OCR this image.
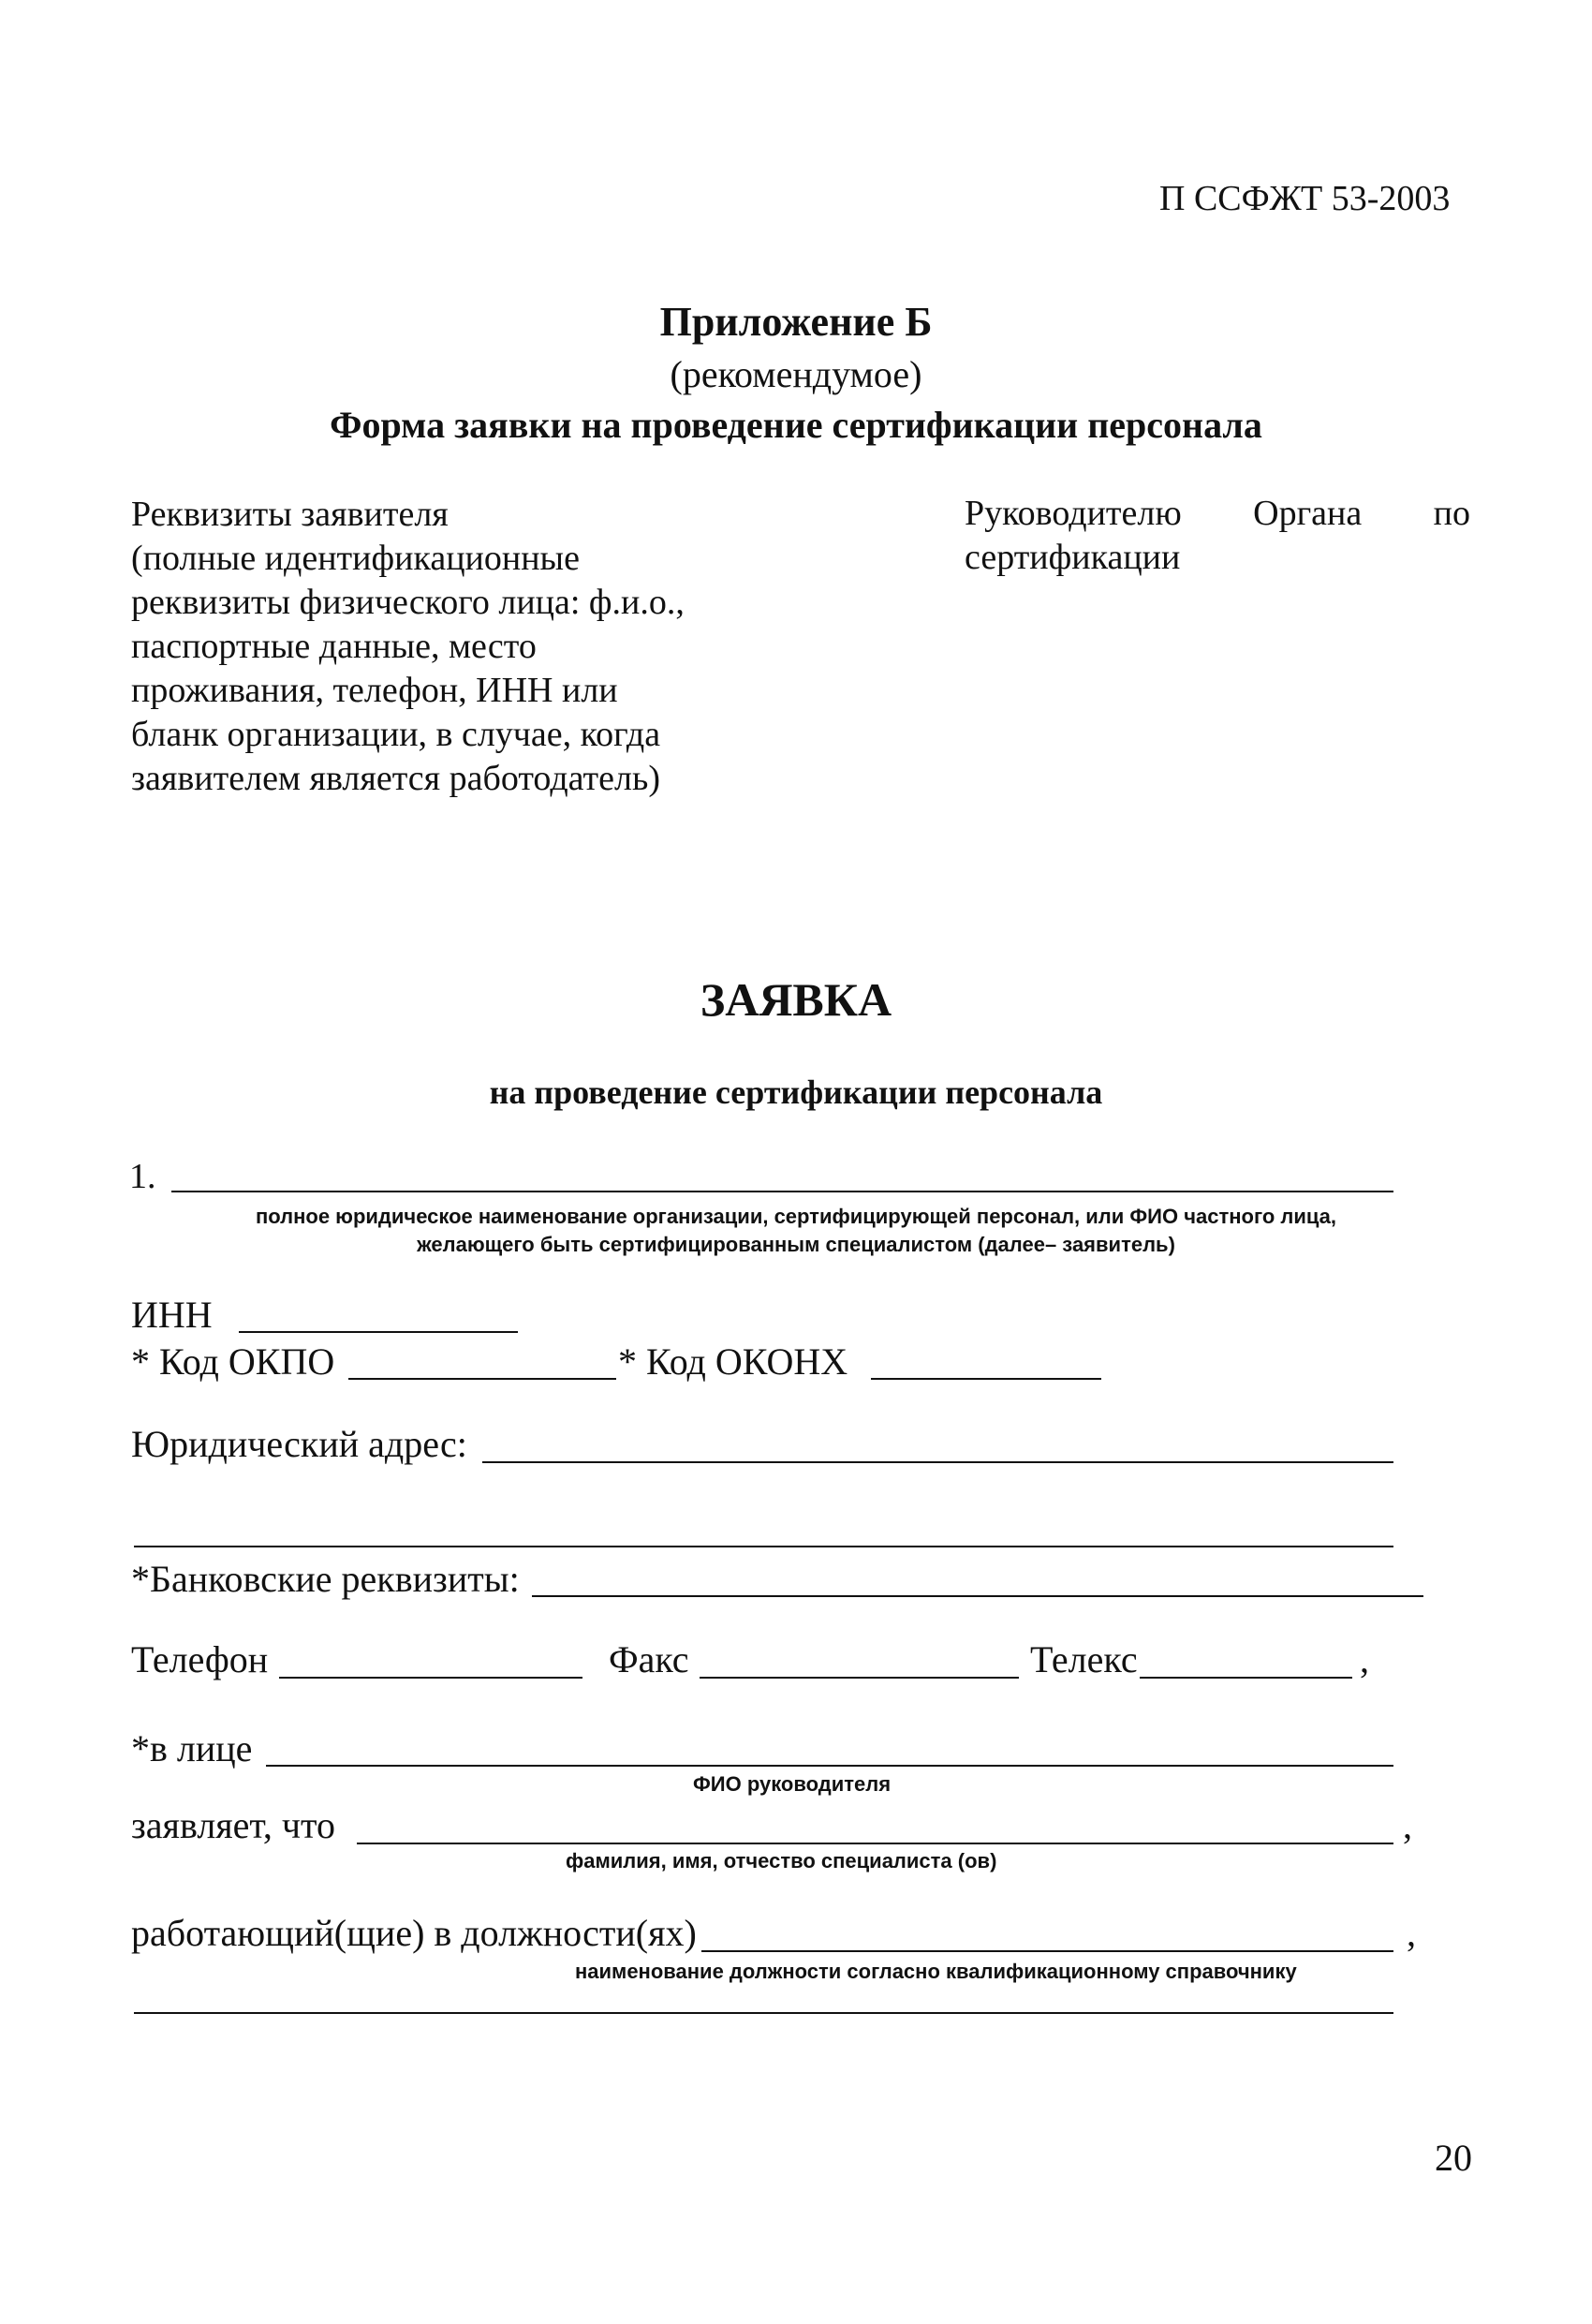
П ССФЖТ 53-2003
Приложение Б
(рекомендумое)
Форма заявки на проведение сертификации персонала
Реквизиты заявителя
(полные идентификационные
реквизиты физического лица: ф.и.о.,
паспортные данные, место
проживания, телефон, ИНН или
бланк организации, в случае, когда
заявителем является работодатель)
Руководителю Органа по
сертификации
ЗАЯВКА
на проведение сертификации персонала
1.
полное юридическое наименование организации, сертифицирующей персонал, или ФИО частного лица,
желающего быть сертифицированным специалистом (далее– заявитель)
ИНН
* Код ОКПО	* Код ОКОНХ
Юридический адрес:
*Банковские реквизиты:
Телефон	Факс	Телекс	,
*в лице
ФИО руководителя
заявляет, что	,
фамилия, имя, отчество специалиста (ов)
работающий(щие) в должности(ях)	,
наименование должности согласно квалификационному справочнику
20
